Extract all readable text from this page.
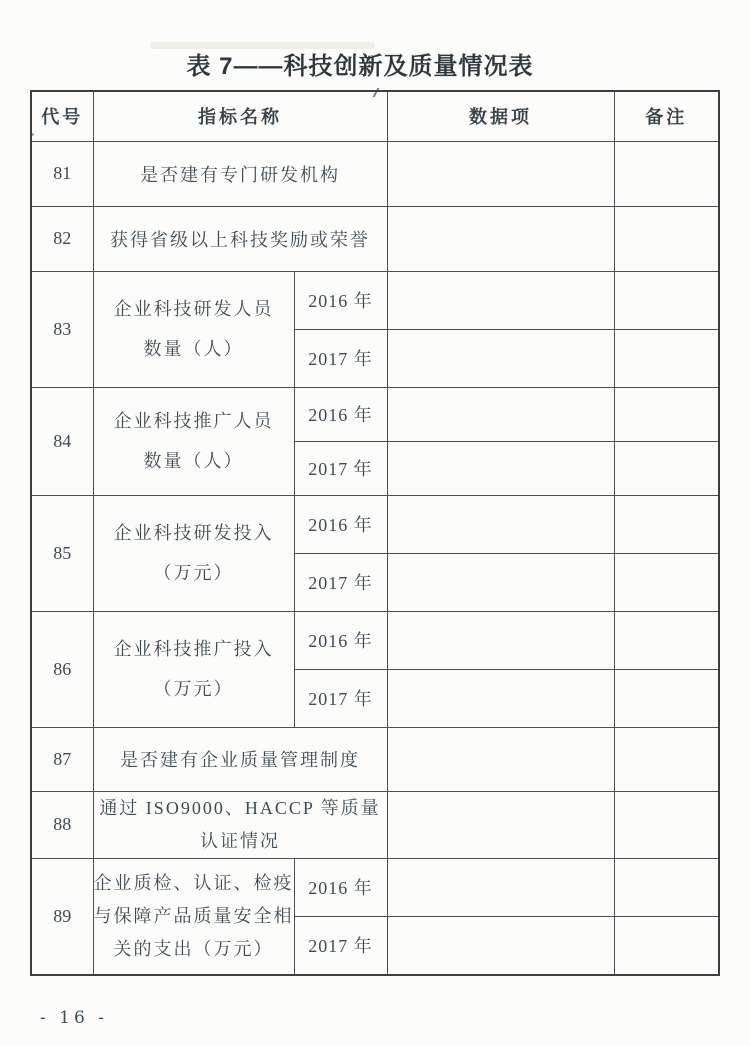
表 7——科技创新及质量情况表
代号	指标名称		数据项	备注
81	是否建有专门研发机构			
82	获得省级以上科技奖励或荣誉			
83	企业科技研发人员
数量（人）	2016 年		
		2017 年		
84	企业科技推广人员
数量（人）	2016 年		
		2017 年		
85	企业科技研发投入
（万元）	2016 年		
		2017 年		
86	企业科技推广投入
（万元）	2016 年		
		2017 年		
87	是否建有企业质量管理制度			
88	通过 ISO9000、HACCP 等质量
认证情况			

89	企业质检、认证、检疫
与保障产品质量安全相
关的支出（万元）	2016 年		
		2017 年		
- 16 -
